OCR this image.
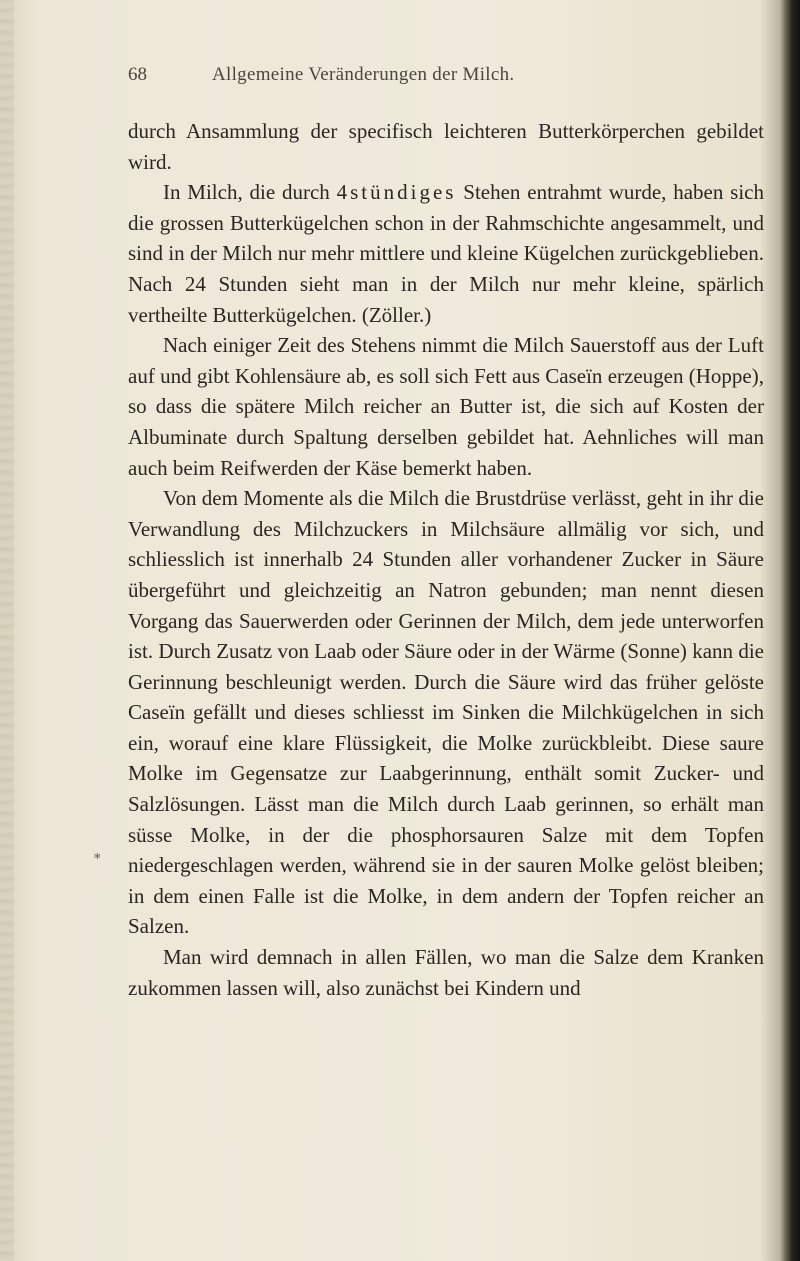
68	Allgemeine Veränderungen der Milch.
*

durch Ansammlung der specifisch leichteren Butterkörperchen gebildet wird.

In Milch, die durch 4stündiges Stehen entrahmt wurde, haben sich die grossen Butterkügelchen schon in der Rahmschichte angesammelt, und sind in der Milch nur mehr mittlere und kleine Kügelchen zurückgeblieben. Nach 24 Stunden sieht man in der Milch nur mehr kleine, spärlich vertheilte Butterkügelchen. (Zöller.)

Nach einiger Zeit des Stehens nimmt die Milch Sauerstoff aus der Luft auf und gibt Kohlensäure ab, es soll sich Fett aus Caseïn erzeugen (Hoppe), so dass die spätere Milch reicher an Butter ist, die sich auf Kosten der Albuminate durch Spaltung derselben gebildet hat. Aehnliches will man auch beim Reifwerden der Käse bemerkt haben.

Von dem Momente als die Milch die Brustdrüse verlässt, geht in ihr die Verwandlung des Milchzuckers in Milchsäure allmälig vor sich, und schliesslich ist innerhalb 24 Stunden aller vorhandener Zucker in Säure übergeführt und gleichzeitig an Natron gebunden; man nennt diesen Vorgang das Sauerwerden oder Gerinnen der Milch, dem jede unterworfen ist. Durch Zusatz von Laab oder Säure oder in der Wärme (Sonne) kann die Gerinnung beschleunigt werden. Durch die Säure wird das früher gelöste Caseïn gefällt und dieses schliesst im Sinken die Milchkügelchen in sich ein, worauf eine klare Flüssigkeit, die Molke zurückbleibt. Diese saure Molke im Gegensatze zur Laabgerinnung, enthält somit Zucker- und Salzlösungen. Lässt man die Milch durch Laab gerinnen, so erhält man süsse Molke, in der die phosphorsauren Salze mit dem Topfen niedergeschlagen werden, während sie in der sauren Molke gelöst bleiben; in dem einen Falle ist die Molke, in dem andern der Topfen reicher an Salzen.

Man wird demnach in allen Fällen, wo man die Salze dem Kranken zukommen lassen will, also zunächst bei Kindern und
